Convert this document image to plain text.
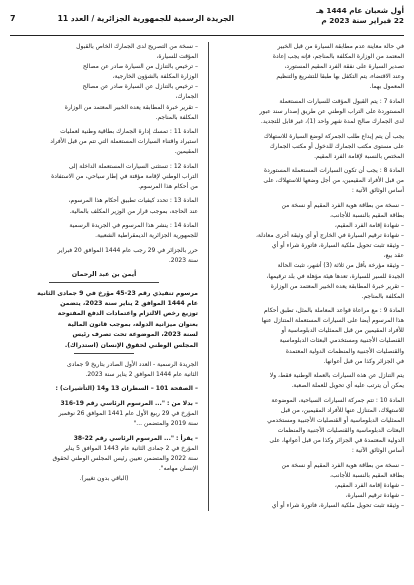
أول شعبان عام 1444 هـ
22 فبراير سنة 2023 م
الجريدة الرسمية للجمهورية الجزائرية / العدد 11
7
في حالة معاينة عدم مطابقة السيارة من قبل الخبير
المعتمد من الوزارة المكلفة بالمناجم، فإنه يجب إعادة
تصدير السيارة على نفقة الفرد المقيم المستورد،
وعند الاقتضاء، يتم التكفل بها طبقا للتشريع والتنظيم
المعمول بهما.
المادة 7 : يتم القبول المؤقت للسيارات المستعملة
المستوردة على التراب الوطني عن طريق إصدار سند عبور
لدى الجمارك صالح لمدة شهر واحد (1)، غير قابل للتجديد.
يجب أن يتم إيداع طلب الجمركة لوضع السيارة للاستهلاك
على مستوى مكتب الجمارك للدخول أو مكتب الجمارك
المختص بالنسبة لإقامة الفرد المقيم.
المادة 8 : يجب أن تكون السيارات المستعملة المستوردة
من قبل الأفراد المقيمين، من أجل وضعها للاستهلاك، على
أساس الوثائق الآتية :
– نسخة من بطاقة هوية الفرد المقيم أو نسخة من
بطاقة المقيم بالنسبة للأجانب،
– شهادة إقامة الفرد المقيم،
– شهادة ترقيم السيارة في الخارج أو أي وثيقة أخرى معادلة،
– وثيقة تثبت تحويل ملكية السيارة، فاتورة شراء أو أي
عقد بيع،
– وثيقة مؤرخة بأقل من ثلاثة (3) أشهر، تثبت الحالة
الجيدة للسير للسيارة، تعدها هيئة مؤهلة في بلد ترقيمها،
– تقرير خبرة المطابقة يعده الخبير المعتمد من الوزارة
المكلفة بالمناجم.
المادة 9 : مع مراعاة قواعد المعاملة بالمثل، تطبق أحكام
هذا المرسوم أيضا على السيارات المستعملة المتنازل عنها
للأفراد المقيمين من قبل الممثليات الدبلوماسية أو
القنصليات الأجنبية ومستخدمي البعثات الدبلوماسية
والقنصليات الأجنبية والمنظمات الدولية المعتمدة
في الجزائر وكذا من قبل أعوانها.
يتم التنازل عن هذه السيارات بالعملة الوطنية فقط، ولا
يمكن أن يترتب عليه أي تحويل للعملة الصعبة.
المادة 10 : تتم جمركة السيارات السياحية، الموضوعة
للاستهلاك، المتنازل عنها للأفراد المقيمين، من قبل
الممثليات الدبلوماسية أو القنصليات الأجنبية ومستخدمي
البعثات الدبلوماسية والقنصليات الأجنبية والمنظمات
الدولية المعتمدة في الجزائر وكذا من قبل أعوانها، على
أساس الوثائق الآتية :
– نسخة من بطاقة هوية الفرد المقيم أو نسخة من
بطاقة المقيم بالنسبة للأجانب،
– شهادة إقامة الفرد المقيم،
– شهادة ترقيم السيارة،
– وثيقة تثبت تحويل ملكية السيارة، فاتورة شراء أو أي
– نسخة من التصريح لدى الجمارك الخاص بالقبول
المؤقت للسيارة،
– ترخيص بالتنازل من السيارة صادر عن مصالح
الوزارة المكلفة بالشؤون الخارجية،
– ترخيص بالتنازل عن السيارة صادر عن مصالح
الجمارك،
– تقرير خبرة المطابقة يعده الخبير المعتمد من الوزارة
المكلفة بالمناجم.
المادة 11 : تمسك إدارة الجمارك بطاقية وطنية لعمليات
استيراد واقتناء السيارات المستعملة التي تتم من قبل الأفراد
المقيمين.
المادة 12 : تستثنى السيارات المستعملة الداخلة إلى
التراب الوطني لإقامة مؤقتة في إطار سياحي، من الاستفادة
من أحكام هذا المرسوم.
المادة 13 : تحدد كيفيات تطبيق أحكام هذا المرسوم،
عند الحاجة، بموجب قرار من الوزير المكلف بالمالية.
المادة 14 : ينشر هذا المرسوم في الجريدة الرسمية
للجمهورية الجزائرية الديمقراطية الشعبية.
حرر بالجزائر في 29 رجب عام 1444 الموافق 20 فبراير
سنة 2023.
أيمن بن عبد الرحمان
مرسوم تنفيذي رقم 23-45 مؤرخ في 9 جمادى الثانية
عام 1444 الموافق 2 يناير سنة 2023، يتضمن
توزيع رخص الالتزام واعتمادات الدفع المفتوحة
بعنوان ميزانية الدولة، بموجب قانون المالية
لسنة 2023، الموضوعة تحت تصرف رئيس
المجلس الوطني لحقوق الإنسان (استدراك).
الجريدة الرسمية - العدد الأول الصادر بتاريخ 9 جمادى
الثانية عام 1444 الموافق 2 يناير سنة 2023.
– الصفحة 101 – السطران 13 و14 (التأشيرات) :
– بدلا من : "... المرسوم الرئاسي رقم 19-316
المؤرخ في 29 ربيع الأول عام 1441 الموافق 26 نوفمبر
سنة 2019 والمتضمن ..."
– يقرأ : "... المرسوم الرئاسي رقم 22-38
المؤرخ في 2 جمادى الثانية عام 1443 الموافق 5 يناير
سنة 2022 والمتضمن تعيين رئيس المجلس الوطني لحقوق
الإنسان مهامه".
(الباقي بدون تغيير).
